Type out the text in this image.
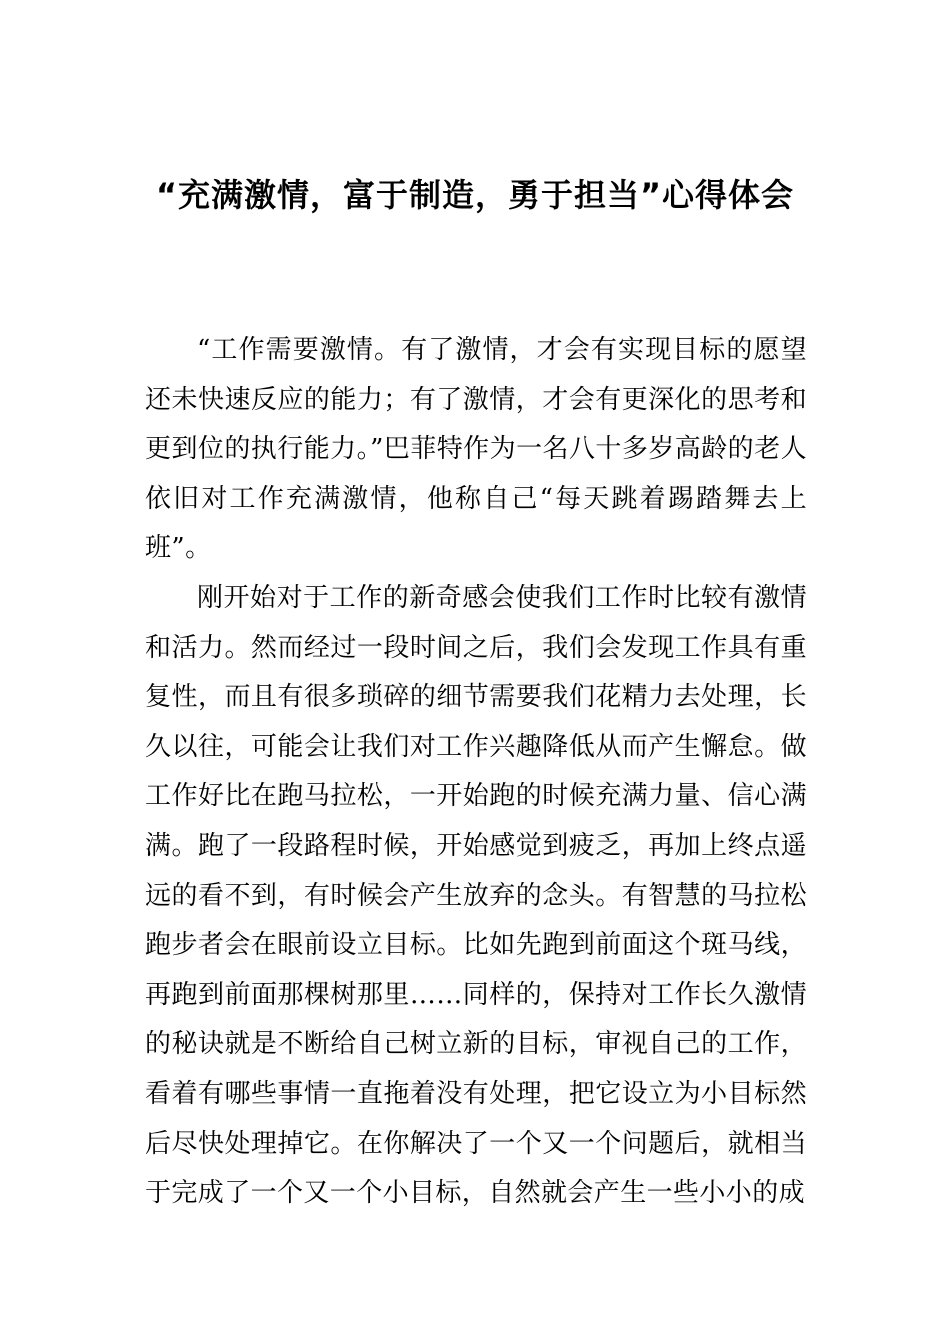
“充满激情，富于制造，勇于担当”心得体会

“工作需要激情。有了激情，才会有实现目标的愿望还未快速反应的能力；有了激情，才会有更深化的思考和更到位的执行能力。”巴菲特作为一名八十多岁高龄的老人依旧对工作充满激情，他称自己“每天跳着踢踏舞去上班”。

刚开始对于工作的新奇感会使我们工作时比较有激情和活力。然而经过一段时间之后，我们会发现工作具有重复性，而且有很多琐碎的细节需要我们花精力去处理，长久以往，可能会让我们对工作兴趣降低从而产生懈怠。做工作好比在跑马拉松，一开始跑的时候充满力量、信心满满。跑了一段路程时候，开始感觉到疲乏，再加上终点遥远的看不到，有时候会产生放弃的念头。有智慧的马拉松跑步者会在眼前设立目标。比如先跑到前面这个斑马线，再跑到前面那棵树那里……同样的，保持对工作长久激情的秘诀就是不断给自己树立新的目标，审视自己的工作，看着有哪些事情一直拖着没有处理，把它设立为小目标然后尽快处理掉它。在你解决了一个又一个问题后，就相当于完成了一个又一个小目标，自然就会产生一些小小的成
